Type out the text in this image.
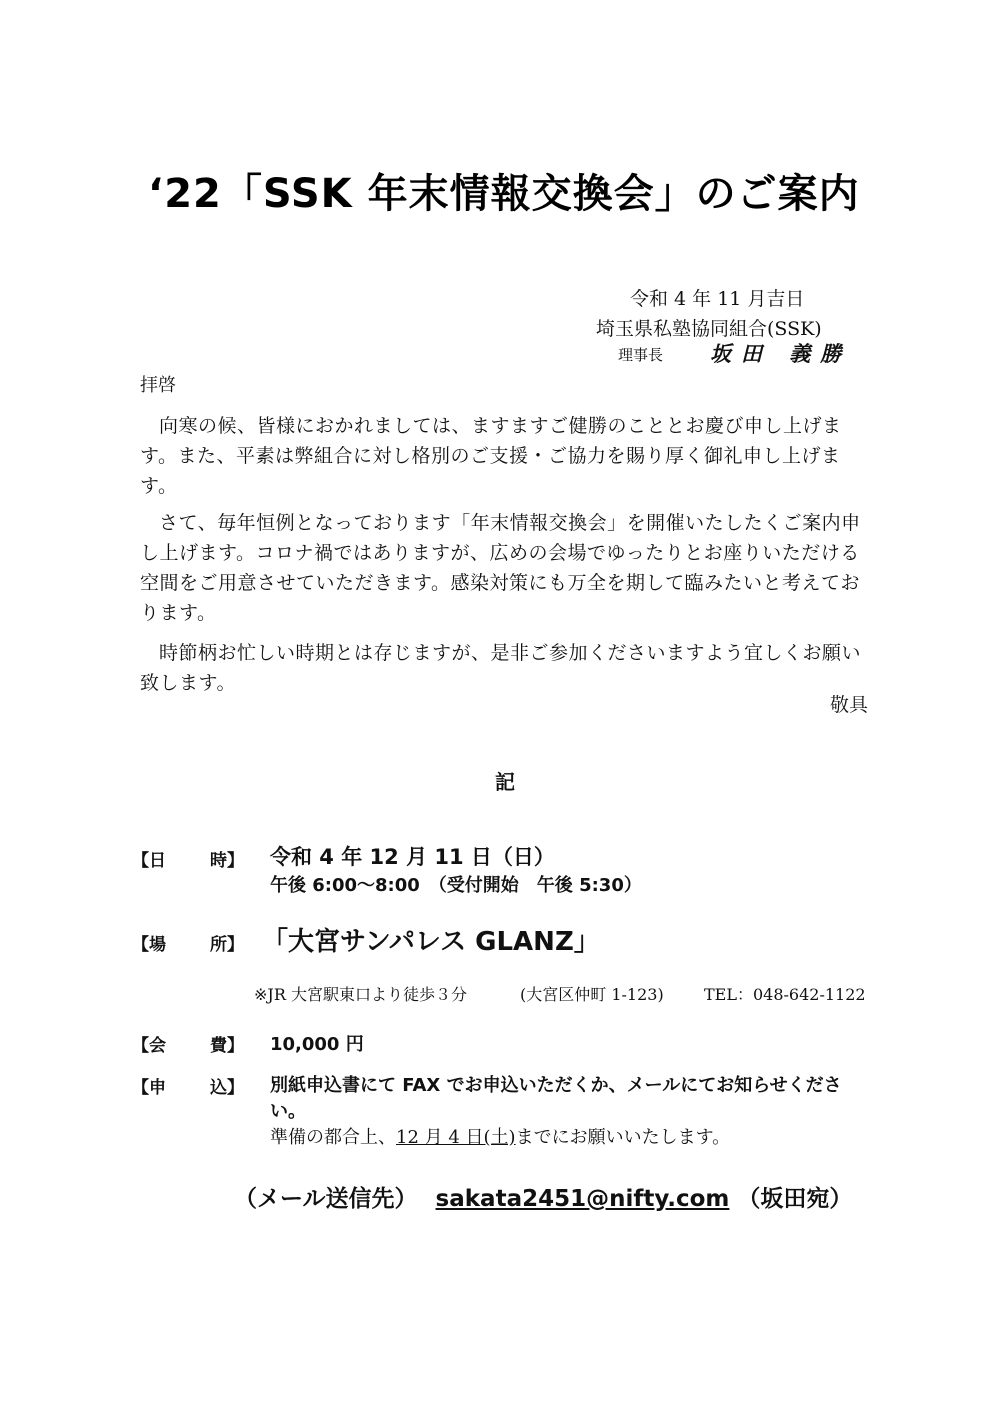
‘22「SSK 年末情報交換会」のご案内
令和 4 年 11 月吉日
埼玉県私塾協同組合(SSK)
理事長 坂田 義勝
拝啓
向寒の候、皆様におかれましては、ますますご健勝のこととお慶び申し上げます。また、平素は弊組合に対し格別のご支援・ご協力を賜り厚く御礼申し上げます。
さて、毎年恒例となっております「年末情報交換会」を開催いたしたくご案内申し上げます。コロナ禍ではありますが、広めの会場でゆったりとお座りいただける空間をご用意させていただきます。感染対策にも万全を期して臨みたいと考えております。
時節柄お忙しい時期とは存じますが、是非ご参加くださいますよう宜しくお願い致します。
敬具
記
【日	時】 令和 4 年 12 月 11 日（日）
午後 6:00～8:00　（受付開始　午後 5:30）
【場	所】 「大宮サンパレス GLANZ」
※JR 大宮駅東口より徒歩３分	(大宮区仲町 1-123)	TEL：048-642-1122
【会	費】 10,000 円
【申	込】 別紙申込書にて FAX でお申込いただくか、メールにてお知らせくださ
い。
準備の都合上、12 月 4 日(土)までにお願いいたします。
（メール送信先） sakata2451@nifty.com （坂田宛）
